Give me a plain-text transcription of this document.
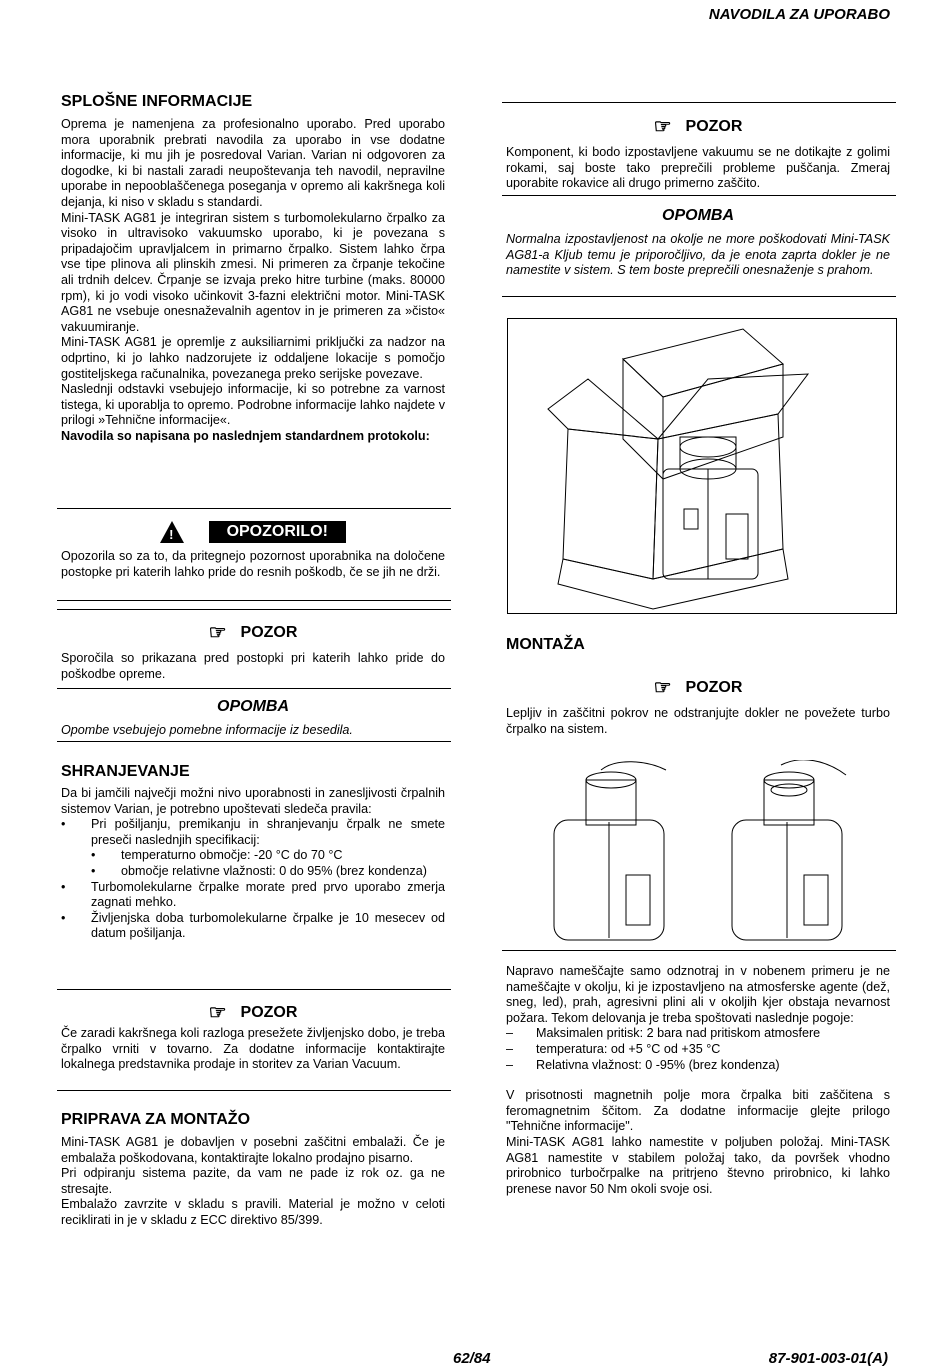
NAVODILA ZA UPORABO
SPLOŠNE INFORMACIJE

Oprema je namenjena za profesionalno uporabo. Pred uporabo mora uporabnik prebrati navodila za uporabo in vse dodatne informacije, ki mu jih je posredoval Varian. Varian ni odgovoren za dogodke, ki bi nastali zaradi neupoštevanja teh navodil, nepravilne uporabe in nepooblaščenega poseganja v opremo ali kakršnega koli dejanja, ki niso v skladu s standardi.

Mini-TASK AG81 je integriran sistem s turbomolekularno črpalko za visoko in ultravisoko vakuumsko uporabo, ki je povezana s pripadajočim upravljalcem in primarno črpalko. Sistem lahko črpa vse tipe plinova ali plinskih zmesi. Ni primeren za črpanje tekočine ali trdnih delcev. Črpanje se izvaja preko hitre turbine (maks. 80000 rpm), ki jo vodi visoko učinkovit 3-fazni električni motor. Mini-TASK AG81 ne vsebuje onesnaževalnih agentov in je primeren za »čisto« vakuumiranje.

Mini-TASK AG81 je opremlje z auksiliarnimi priključki za nadzor na odprtino, ki jo lahko nadzorujete iz oddaljene lokacije s pomočjo gostiteljskega računalnika, povezanega preko serijske povezave.

Naslednji odstavki vsebujejo informacije, ki so potrebne za varnost tistega, ki uporablja to opremo. Podrobne informacije lahko najdete v prilogi »Tehnične informacije«.

Navodila so napisana po naslednjem standardnem protokolu:

!	OPOZORILO!
Opozorila so za to, da pritegnejo pozornost uporabnika na določene postopke pri katerih lahko pride do resnih poškodb, če se jih ne drži.
☞ POZOR
Sporočila so prikazana pred postopki pri katerih lahko pride do poškodbe opreme.
OPOMBA
Opombe vsebujejo pomebne informacije iz besedila.
SHRANJEVANJE

Da bi jamčili največji možni nivo uporabnosti in zanesljivosti črpalnih sistemov Varian, je potrebno upoštevati sledeča pravila:

• Pri pošiljanju, premikanju in shranjevanju črpalk ne smete preseči naslednjih specifikacij:
• temperaturno območje: -20 °C do 70 °C
• območje relativne vlažnosti: 0 do 95% (brez kondenza)
• Turbomolekularne črpalke morate pred prvo uporabo zmerja zagnati mehko.
• Življenjska doba turbomolekularne črpalke je 10 mesecev od datum pošiljanja.
☞ POZOR
Če zaradi kakršnega koli razloga presežete življenjsko dobo, je treba črpalko vrniti v tovarno. Za dodatne informacije kontaktirajte lokalnega predstavnika prodaje in storitev za Varian Vacuum.
PRIPRAVA ZA MONTAŽO

Mini-TASK AG81 je dobavljen v posebni zaščitni embalaži. Če je embalaža poškodovana, kontaktirajte lokalno prodajno pisarno.

Pri odpiranju sistema pazite, da vam ne pade iz rok oz. ga ne stresajte.

Embalažo zavrzite v skladu s pravili. Material je možno v celoti reciklirati in je v skladu z ECC direktivo 85/399.

☞ POZOR
Komponent, ki bodo izpostavljene vakuumu se ne dotikajte z golimi rokami, saj boste tako preprečili probleme puščanja. Zmeraj uporabite rokavice ali drugo primerno zaščito.
OPOMBA
Normalna izpostavljenost na okolje ne more poškodovati Mini-TASK AG81-a Kljub temu je priporočljivo, da je enota zaprta dokler je ne namestite v sistem. S tem boste preprečili onesnaženje s prahom.
MONTAŽA
☞ POZOR
Lepljiv in zaščitni pokrov ne odstranjujte dokler ne povežete turbo črpalko na sistem.

Napravo nameščajte samo odznotraj in v nobenem primeru je ne nameščajte v okolju, ki je izpostavljeno na atmosferske agente (dež, sneg, led), prah, agresivni plini ali v okoljih kjer obstaja nevarnost požara. Tekom delovanja je treba spoštovati naslednje pogoje:

– Maksimalen pritisk: 2 bara nad pritiskom atmosfere
– temperatura: od +5 °C od +35 °C
– Relativna vlažnost: 0 -95% (brez kondenza)

V prisotnosti magnetnih polje mora črpalka biti zaščitena s feromagnetnim ščitom. Za dodatne informacije glejte prilogo "Tehnične informacije".

Mini-TASK AG81 lahko namestite v poljuben položaj. Mini-TASK AG81 namestite v stabilem položaj tako, da površek vhodno prirobnico turbočrpalke na pritrjeno števno prirobnico, ki lahko prenese navor 50 Nm okoli svoje osi.

62/84	87-901-003-01(A)
